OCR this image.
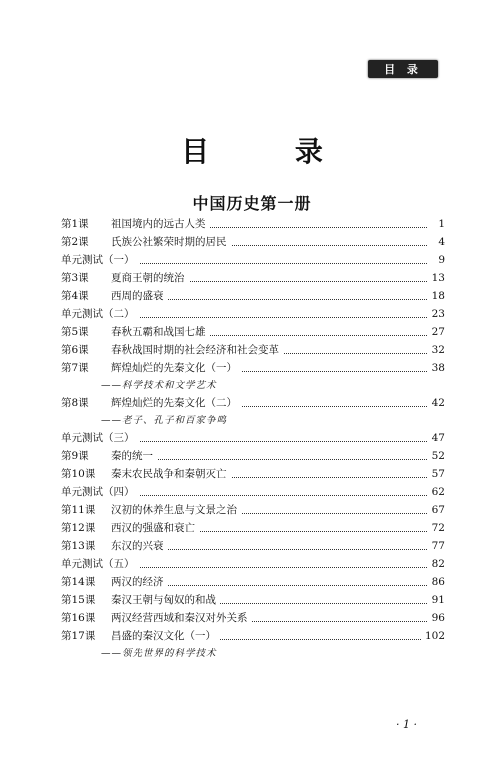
目 录
目 录
中国历史第一册
第1课 祖国境内的远古人类	1
第2课 氏族公社繁荣时期的居民	4
单元测试（一）	9
第3课 夏商王朝的统治	13
第4课 西周的盛衰	18
单元测试（二）	23
第5课 春秋五霸和战国七雄	27
第6课 春秋战国时期的社会经济和社会变革	32
第7课 辉煌灿烂的先秦文化（一）	38
——科学技术和文学艺术
第8课 辉煌灿烂的先秦文化（二）	42
——老子、孔子和百家争鸣
单元测试（三）	47
第9课 秦的统一	52
第10课 秦末农民战争和秦朝灭亡	57
单元测试（四）	62
第11课 汉初的休养生息与文景之治	67
第12课 西汉的强盛和衰亡	72
第13课 东汉的兴衰	77
单元测试（五）	82
第14课 两汉的经济	86
第15课 秦汉王朝与匈奴的和战	91
第16课 两汉经营西域和秦汉对外关系	96
第17课 昌盛的秦汉文化（一）	102
——领先世界的科学技术
· 1 ·
